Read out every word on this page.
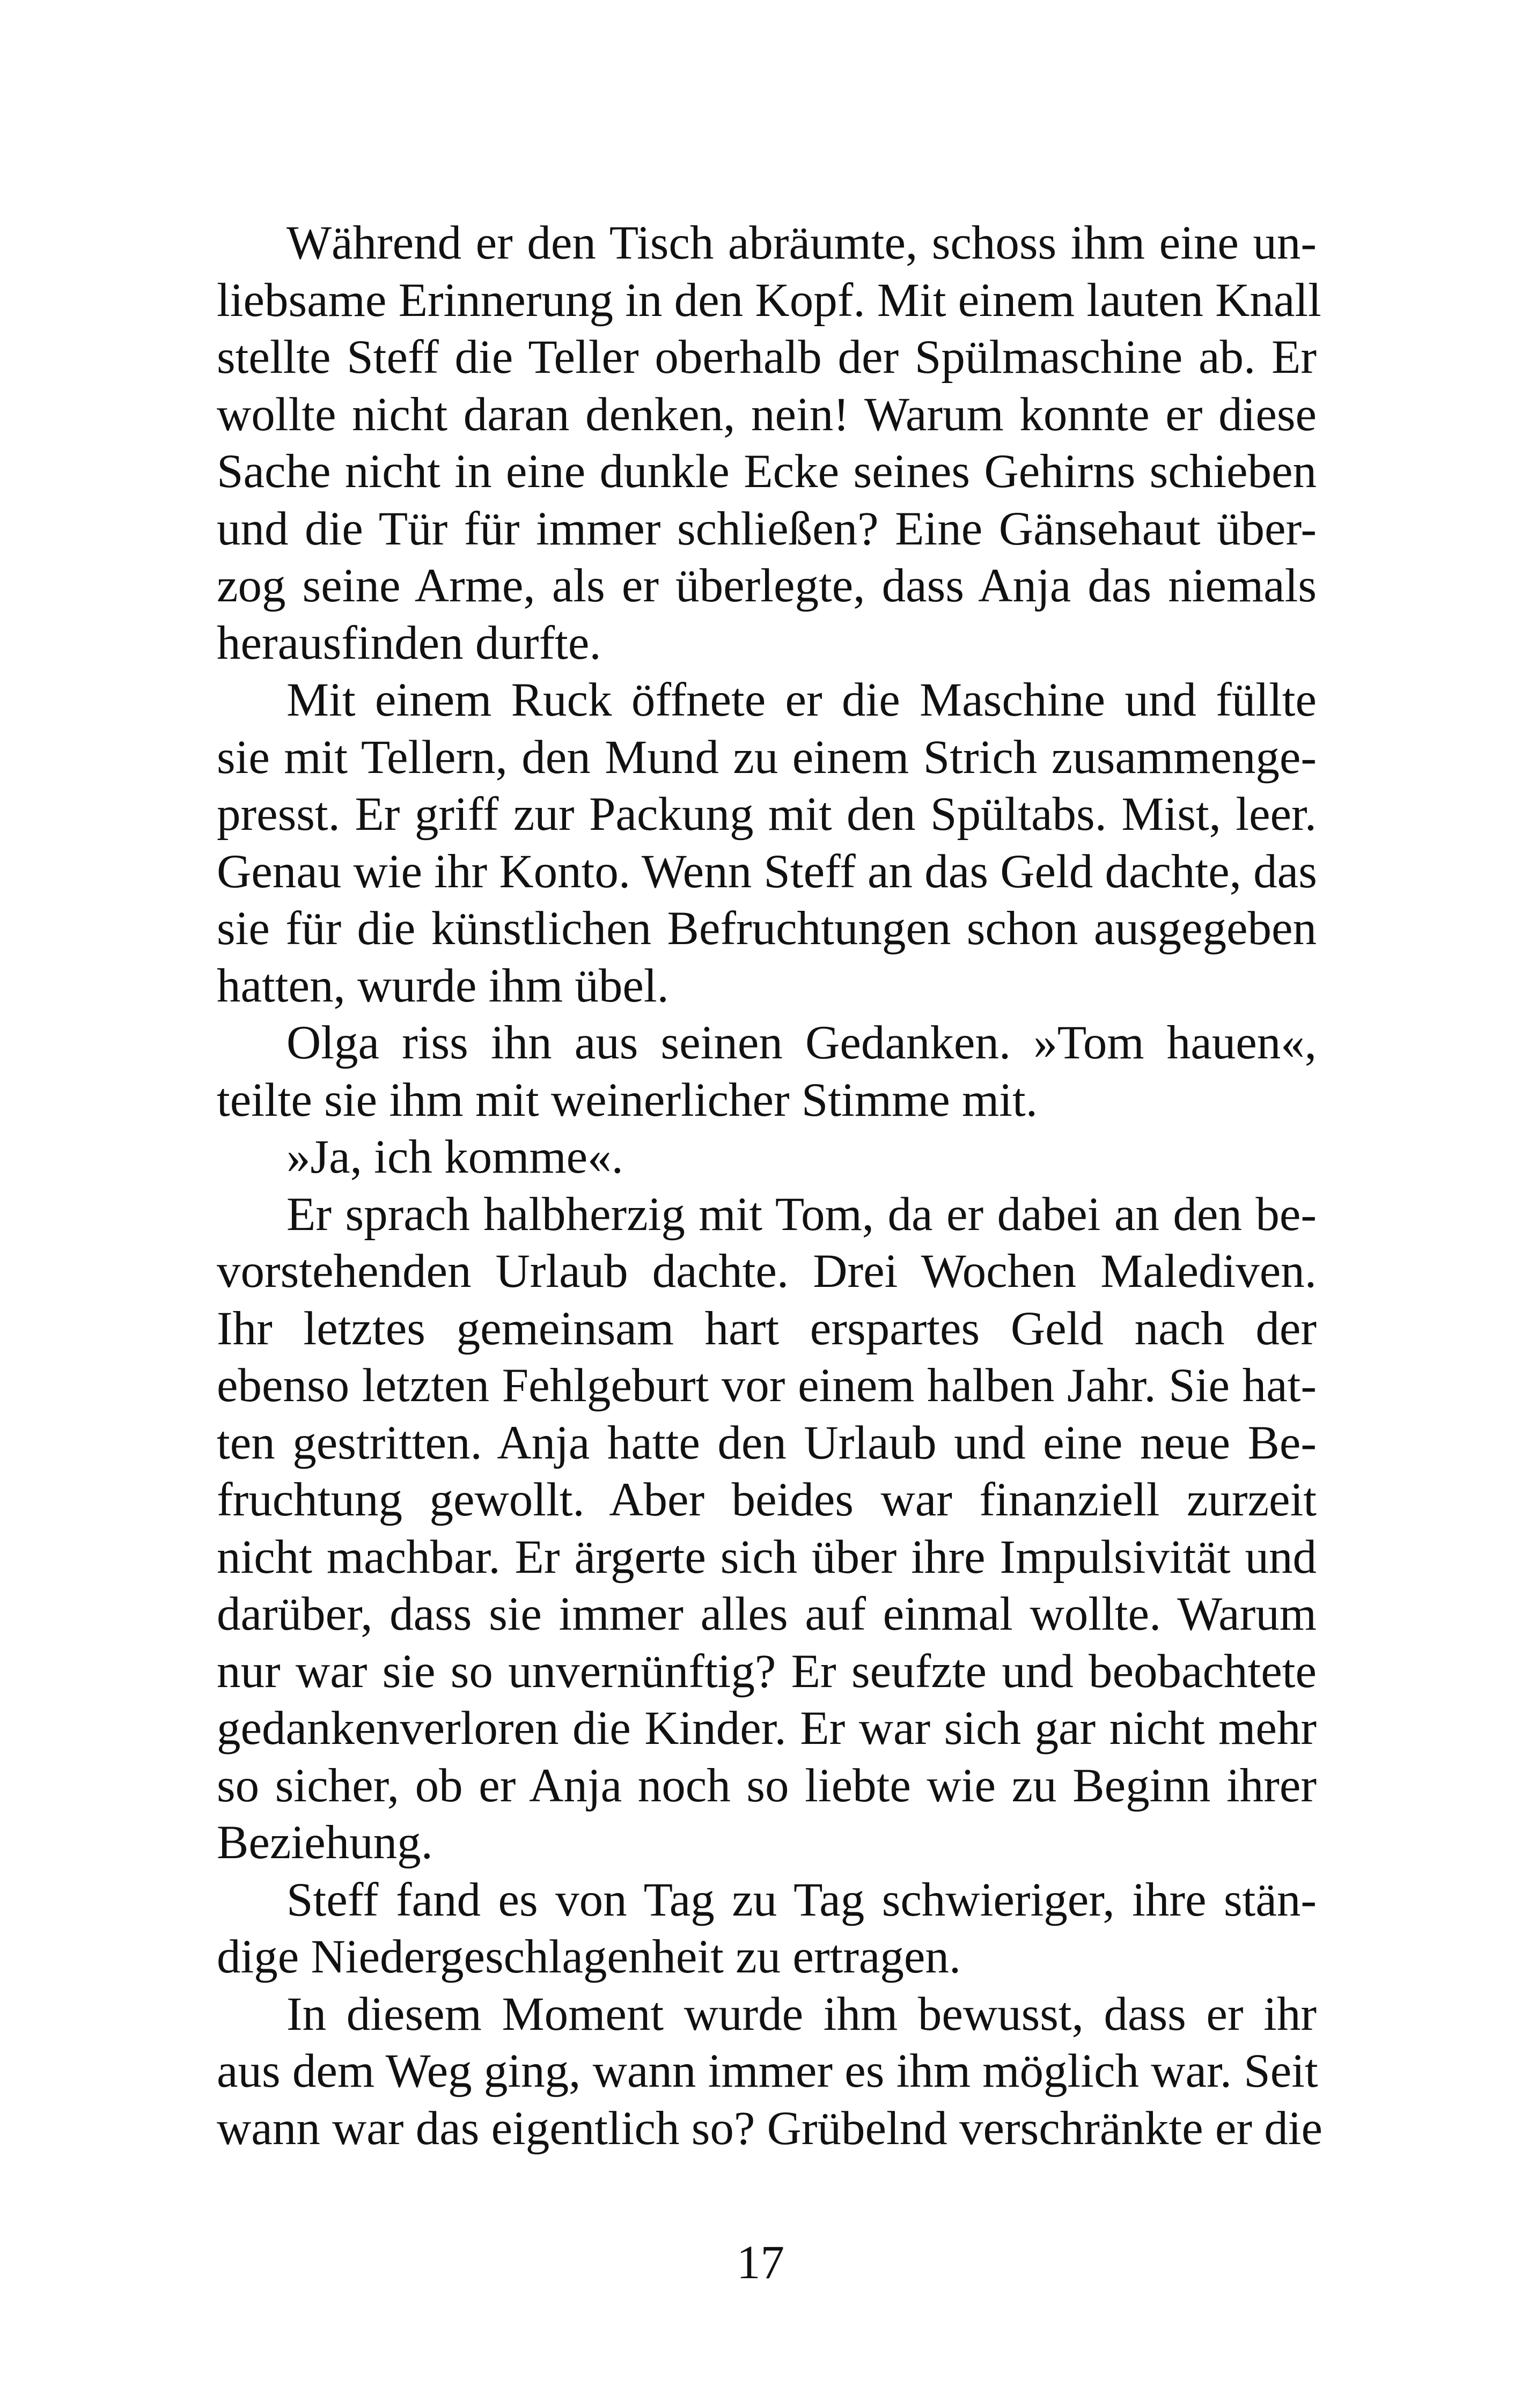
Während er den Tisch abräumte, schoss ihm eine un-
liebsame Erinnerung in den Kopf. Mit einem lauten Knall
stellte Steff die Teller oberhalb der Spülmaschine ab. Er
wollte nicht daran denken, nein! Warum konnte er diese
Sache nicht in eine dunkle Ecke seines Gehirns schieben
und die Tür für immer schließen? Eine Gänsehaut über-
zog seine Arme, als er überlegte, dass Anja das niemals
herausfinden durfte.
Mit einem Ruck öffnete er die Maschine und füllte
sie mit Tellern, den Mund zu einem Strich zusammenge-
presst. Er griff zur Packung mit den Spültabs. Mist, leer.
Genau wie ihr Konto. Wenn Steff an das Geld dachte, das
sie für die künstlichen Befruchtungen schon ausgegeben
hatten, wurde ihm übel.
Olga riss ihn aus seinen Gedanken. »Tom hauen«,
teilte sie ihm mit weinerlicher Stimme mit.
»Ja, ich komme«.
Er sprach halbherzig mit Tom, da er dabei an den be-
vorstehenden Urlaub dachte. Drei Wochen Malediven.
Ihr letztes gemeinsam hart erspartes Geld nach der
ebenso letzten Fehlgeburt vor einem halben Jahr. Sie hat-
ten gestritten. Anja hatte den Urlaub und eine neue Be-
fruchtung gewollt. Aber beides war finanziell zurzeit
nicht machbar. Er ärgerte sich über ihre Impulsivität und
darüber, dass sie immer alles auf einmal wollte. Warum
nur war sie so unvernünftig? Er seufzte und beobachtete
gedankenverloren die Kinder. Er war sich gar nicht mehr
so sicher, ob er Anja noch so liebte wie zu Beginn ihrer
Beziehung.
Steff fand es von Tag zu Tag schwieriger, ihre stän-
dige Niedergeschlagenheit zu ertragen.
In diesem Moment wurde ihm bewusst, dass er ihr
aus dem Weg ging, wann immer es ihm möglich war. Seit
wann war das eigentlich so? Grübelnd verschränkte er die
17
